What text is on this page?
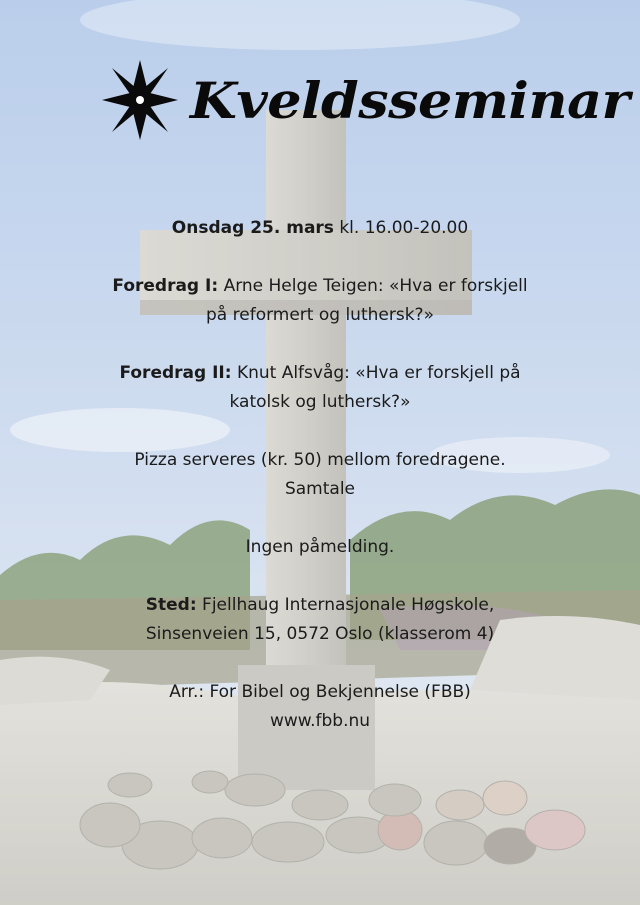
Kveldsseminar
Onsdag 25. mars kl. 16.00-20.00
Foredrag I: Arne Helge Teigen: «Hva er forskjell
på reformert og luthersk?»
Foredrag II: Knut Alfsvåg: «Hva er forskjell på
katolsk og luthersk?»
Pizza serveres (kr. 50) mellom foredragene.
Samtale
Ingen påmelding.
Sted: Fjellhaug Internasjonale Høgskole,
Sinsenveien 15, 0572 Oslo (klasserom 4)
Arr.: For Bibel og Bekjennelse (FBB)
www.fbb.nu
